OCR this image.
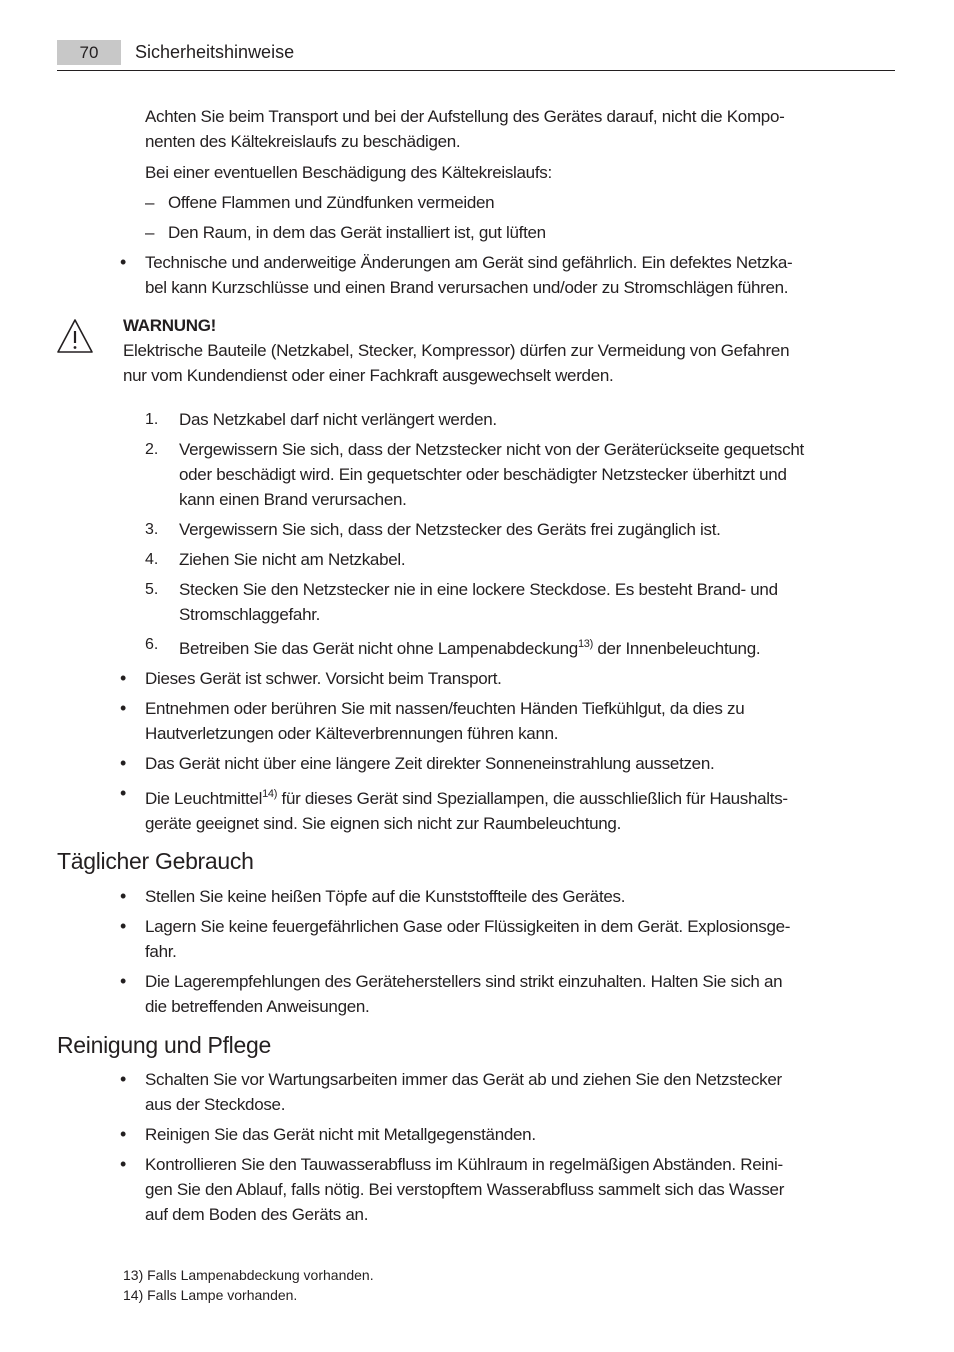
70	Sicherheitshinweise
Achten Sie beim Transport und bei der Aufstellung des Gerätes darauf, nicht die Kompo-
nenten des Kältekreislaufs zu beschädigen.
Bei einer eventuellen Beschädigung des Kältekreislaufs:
– Offene Flammen und Zündfunken vermeiden
– Den Raum, in dem das Gerät installiert ist, gut lüften
• Technische und anderweitige Änderungen am Gerät sind gefährlich. Ein defektes Netzka-
bel kann Kurzschlüsse und einen Brand verursachen und/oder zu Stromschlägen führen.
WARNUNG!
Elektrische Bauteile (Netzkabel, Stecker, Kompressor) dürfen zur Vermeidung von Gefahren
nur vom Kundendienst oder einer Fachkraft ausgewechselt werden.
1. Das Netzkabel darf nicht verlängert werden.
2. Vergewissern Sie sich, dass der Netzstecker nicht von der Geräterückseite gequetscht
oder beschädigt wird. Ein gequetschter oder beschädigter Netzstecker überhitzt und
kann einen Brand verursachen.
3. Vergewissern Sie sich, dass der Netzstecker des Geräts frei zugänglich ist.
4. Ziehen Sie nicht am Netzkabel.
5. Stecken Sie den Netzstecker nie in eine lockere Steckdose. Es besteht Brand- und
Stromschlaggefahr.
6. Betreiben Sie das Gerät nicht ohne Lampenabdeckung$^{13)}$ der Innenbeleuchtung.
• Dieses Gerät ist schwer. Vorsicht beim Transport.
• Entnehmen oder berühren Sie mit nassen/feuchten Händen Tiefkühlgut, da dies zu
Hautverletzungen oder Kälteverbrennungen führen kann.
• Das Gerät nicht über eine längere Zeit direkter Sonneneinstrahlung aussetzen.
• Die Leuchtmittel$^{14)}$ für dieses Gerät sind Speziallampen, die ausschließlich für Haushalts-
geräte geeignet sind. Sie eignen sich nicht zur Raumbeleuchtung.
Täglicher Gebrauch
• Stellen Sie keine heißen Töpfe auf die Kunststoffteile des Gerätes.
• Lagern Sie keine feuergefährlichen Gase oder Flüssigkeiten in dem Gerät. Explosionsge-
fahr.
• Die Lagerempfehlungen des Geräteherstellers sind strikt einzuhalten. Halten Sie sich an
die betreffenden Anweisungen.
Reinigung und Pflege
• Schalten Sie vor Wartungsarbeiten immer das Gerät ab und ziehen Sie den Netzstecker
aus der Steckdose.
• Reinigen Sie das Gerät nicht mit Metallgegenständen.
• Kontrollieren Sie den Tauwasserabfluss im Kühlraum in regelmäßigen Abständen. Reini-
gen Sie den Ablauf, falls nötig. Bei verstopftem Wasserabfluss sammelt sich das Wasser
auf dem Boden des Geräts an.
13) Falls Lampenabdeckung vorhanden.
14) Falls Lampe vorhanden.
